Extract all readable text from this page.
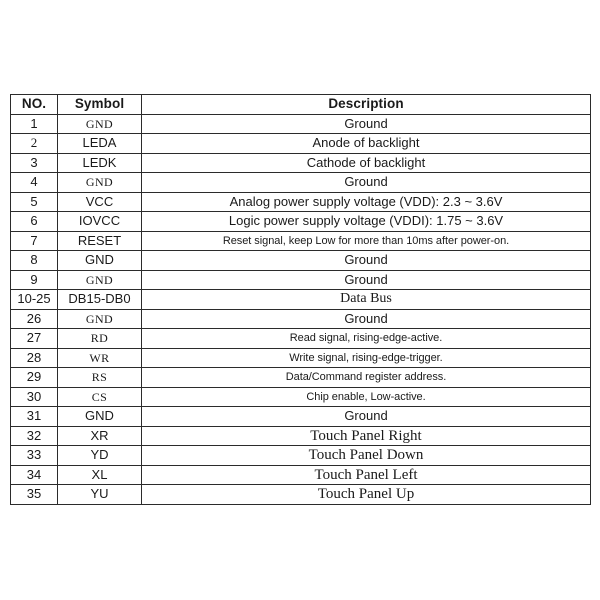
NO.	Symbol	Description
1	GND	Ground
2	LEDA	Anode of backlight
3	LEDK	Cathode of backlight
4	GND	Ground
5	VCC	Analog power supply voltage (VDD): 2.3 ~ 3.6V
6	IOVCC	Logic power supply voltage (VDDI): 1.75 ~ 3.6V
7	RESET	Reset signal, keep Low for more than 10ms after power-on.
8	GND	Ground
9	GND	Ground
10-25	DB15-DB0	Data Bus
26	GND	Ground
27	RD	Read signal, rising-edge-active.
28	WR	Write signal, rising-edge-trigger.
29	RS	Data/Command register address.
30	CS	Chip enable, Low-active.
31	GND	Ground
32	XR	Touch Panel Right
33	YD	Touch Panel Down
34	XL	Touch Panel Left
35	YU	Touch Panel Up
